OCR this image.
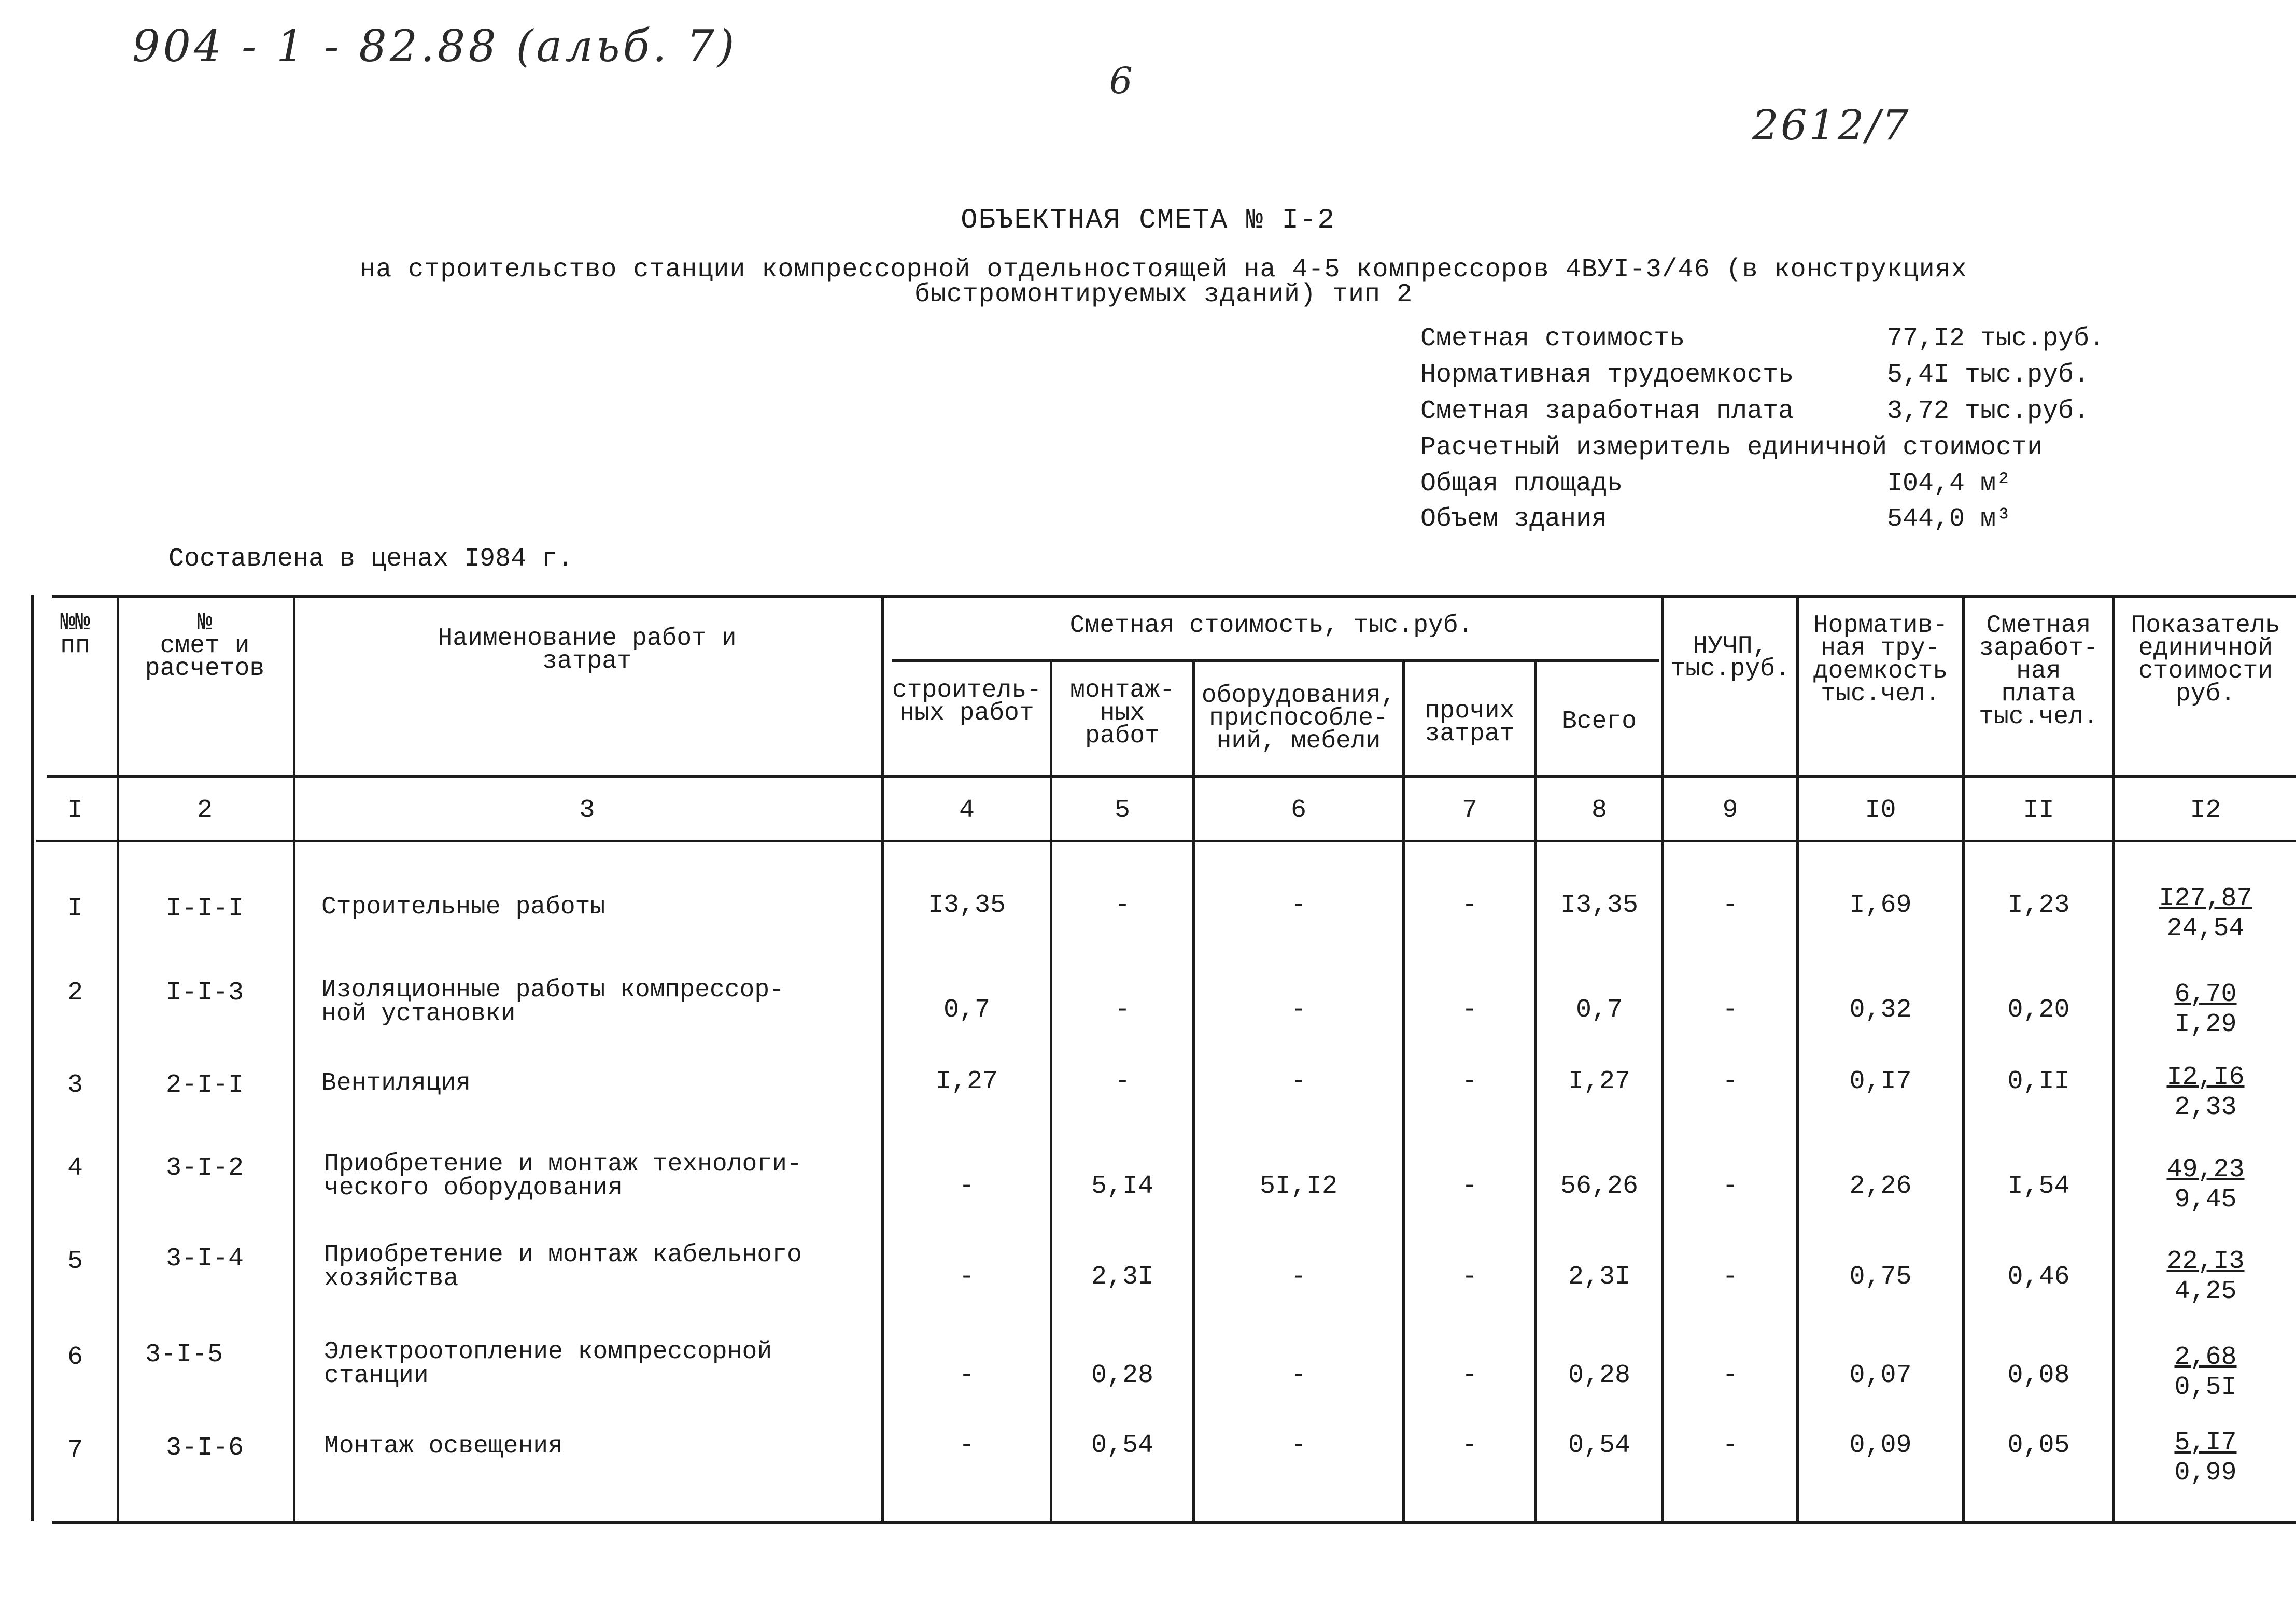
904 - 1 - 82.88 (альб. 7)
6
2612/7
ОБЪЕКТНАЯ СМЕТА № I-2
на строительство станции компрессорной отдельностоящей на 4-5 компрессоров 4ВУI-3/46 (в конструкциях
быстромонтируемых зданий) тип 2
Сметная стоимость	77,I2 тыс.руб.
Нормативная трудоемкость	5,4I тыс.руб.
Сметная заработная плата	3,72 тыс.руб.
Расчетный измеритель единичной стоимости
Общая площадь	I04,4 м²
Объем здания	544,0 м³
Составлена в ценах I984 г.
№№
пп
№
смет и
расчетов
Наименование работ и
затрат
Сметная стоимость, тыс.руб.
строитель-
ных работ
монтаж-
ных
работ
оборудования,
приспособле-
ний, мебели
прочих
затрат	Всего
НУЧП,
тыс.руб.
Норматив-
ная тру-
доемкость
тыс.чел.
Сметная
заработ-
ная
плата
тыс.чел.
Показатель
единичной
стоимости
руб.
I	2	3	4	5	6	7	8	9	I0	II	I2
I	I-I-I	Строительные работы	I3,35	-	-	-	I3,35	-	I,69	I,23	$\frac{I27,87}{24,54}$
2	I-I-3	Изоляционные работы компрессор-
ной установки	0,7	-	-	-	0,7	-	0,32	0,20	$\frac{6,70}{I,29}$
3	2-I-I	Вентиляция	I,27	-	-	-	I,27	-	0,I7	0,II	$\frac{I2,I6}{2,33}$
4	3-I-2	Приобретение и монтаж технологи-
ческого оборудования	-	5,I4	5I,I2	-	56,26	-	2,26	I,54	$\frac{49,23}{9,45}$
5	3-I-4	Приобретение и монтаж кабельного
хозяйства	-	2,3I	-	-	2,3I	-	0,75	0,46	$\frac{22,I3}{4,25}$
6	3-I-5	Электроотопление компрессорной
станции	-	0,28	-	-	0,28	-	0,07	0,08	$\frac{2,68}{0,5I}$
7	3-I-6	Монтаж освещения	-	0,54	-	-	0,54	-	0,09	0,05	$\frac{5,I7}{0,99}$
